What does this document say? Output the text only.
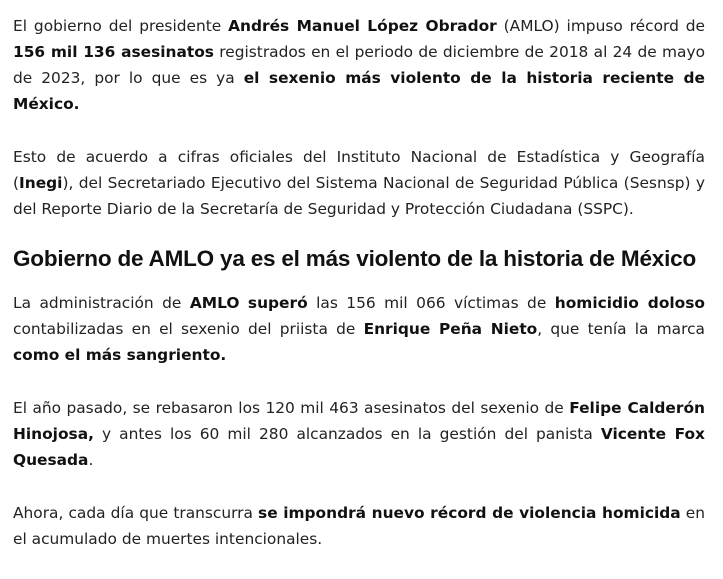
El gobierno del presidente Andrés Manuel López Obrador (AMLO) impuso récord de 156 mil 136 asesinatos registrados en el periodo de diciembre de 2018 al 24 de mayo de 2023, por lo que es ya el sexenio más violento de la historia reciente de México.

Esto de acuerdo a cifras oficiales del Instituto Nacional de Estadística y Geografía (Inegi), del Secretariado Ejecutivo del Sistema Nacional de Seguridad Pública (Sesnsp) y del Reporte Diario de la Secretaría de Seguridad y Protección Ciudadana (SSPC).

Gobierno de AMLO ya es el más violento de la historia de México

La administración de AMLO superó las 156 mil 066 víctimas de homicidio doloso contabilizadas en el sexenio del priista de Enrique Peña Nieto, que tenía la marca como el más sangriento.

El año pasado, se rebasaron los 120 mil 463 asesinatos del sexenio de Felipe Calderón Hinojosa, y antes los 60 mil 280 alcanzados en la gestión del panista Vicente Fox Quesada.

Ahora, cada día que transcurra se impondrá nuevo récord de violencia homicida en el acumulado de muertes intencionales.
